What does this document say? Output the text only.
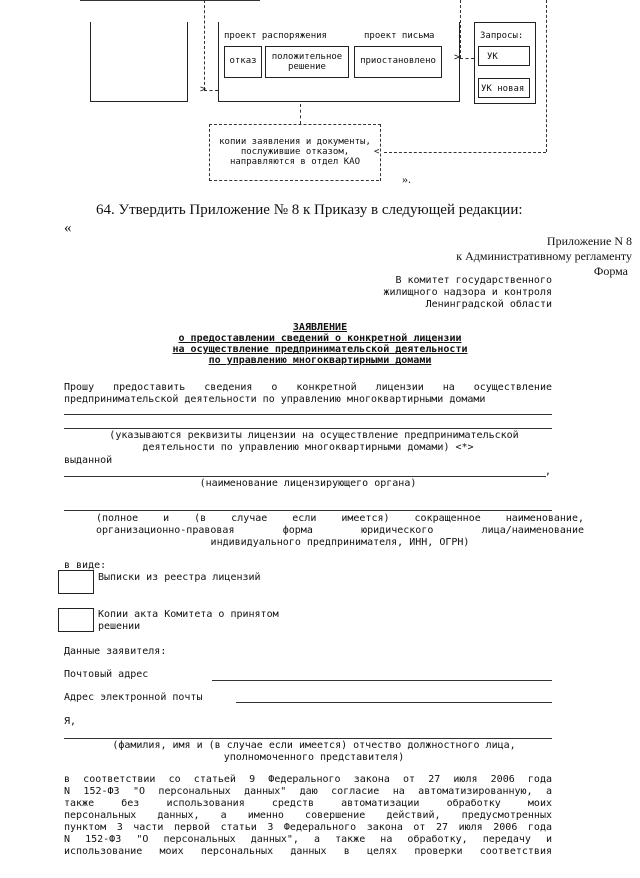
>
>
проект распоряжения	проект письма
отказ	положительное решение
приостановлено
Запросы:
УК
УК новая
копии заявления и документы,
послужившие отказом,
направляются в отдел КАО
<
».
64. Утвердить Приложение № 8 к Приказу в следующей редакции:
«
Приложение N 8
к Административному регламенту
Форма
В комитет государственного
жилищного надзора и контроля
Ленинградской области
ЗАЯВЛЕНИЕ
о предоставлении сведений о конкретной лицензии
на осуществление предпринимательской деятельности
по управлению многоквартирными домами
Прошу предоставить сведения о конкретной лицензии на осуществление
предпринимательской деятельности по управлению многоквартирными домами
(указываются реквизиты лицензии на осуществление предпринимательской
деятельности по управлению многоквартирными домами) <*>
выданной
,
(наименование лицензирующего органа)
(полное и (в случае если имеется) сокращенное наименование,
организационно-правовая форма юридического лица/наименование
индивидуального предпринимателя, ИНН, ОГРН)
в виде:
Выписки из реестра лицензий
Копии акта Комитета о принятом
решении
Данные заявителя:
Почтовый адрес
Адрес электронной почты
Я,
(фамилия, имя и (в случае если имеется) отчество должностного лица,
уполномоченного представителя)
в соответствии со статьей 9 Федерального закона от 27 июля 2006 года
N 152-ФЗ "О персональных данных" даю согласие на автоматизированную, а
также без использования средств автоматизации обработку моих
персональных данных, а именно совершение действий, предусмотренных
пунктом 3 части первой статьи 3 Федерального закона от 27 июля 2006 года
N 152-ФЗ "О персональных данных", а также на обработку, передачу и
использование моих персональных данных в целях проверки соответствия
